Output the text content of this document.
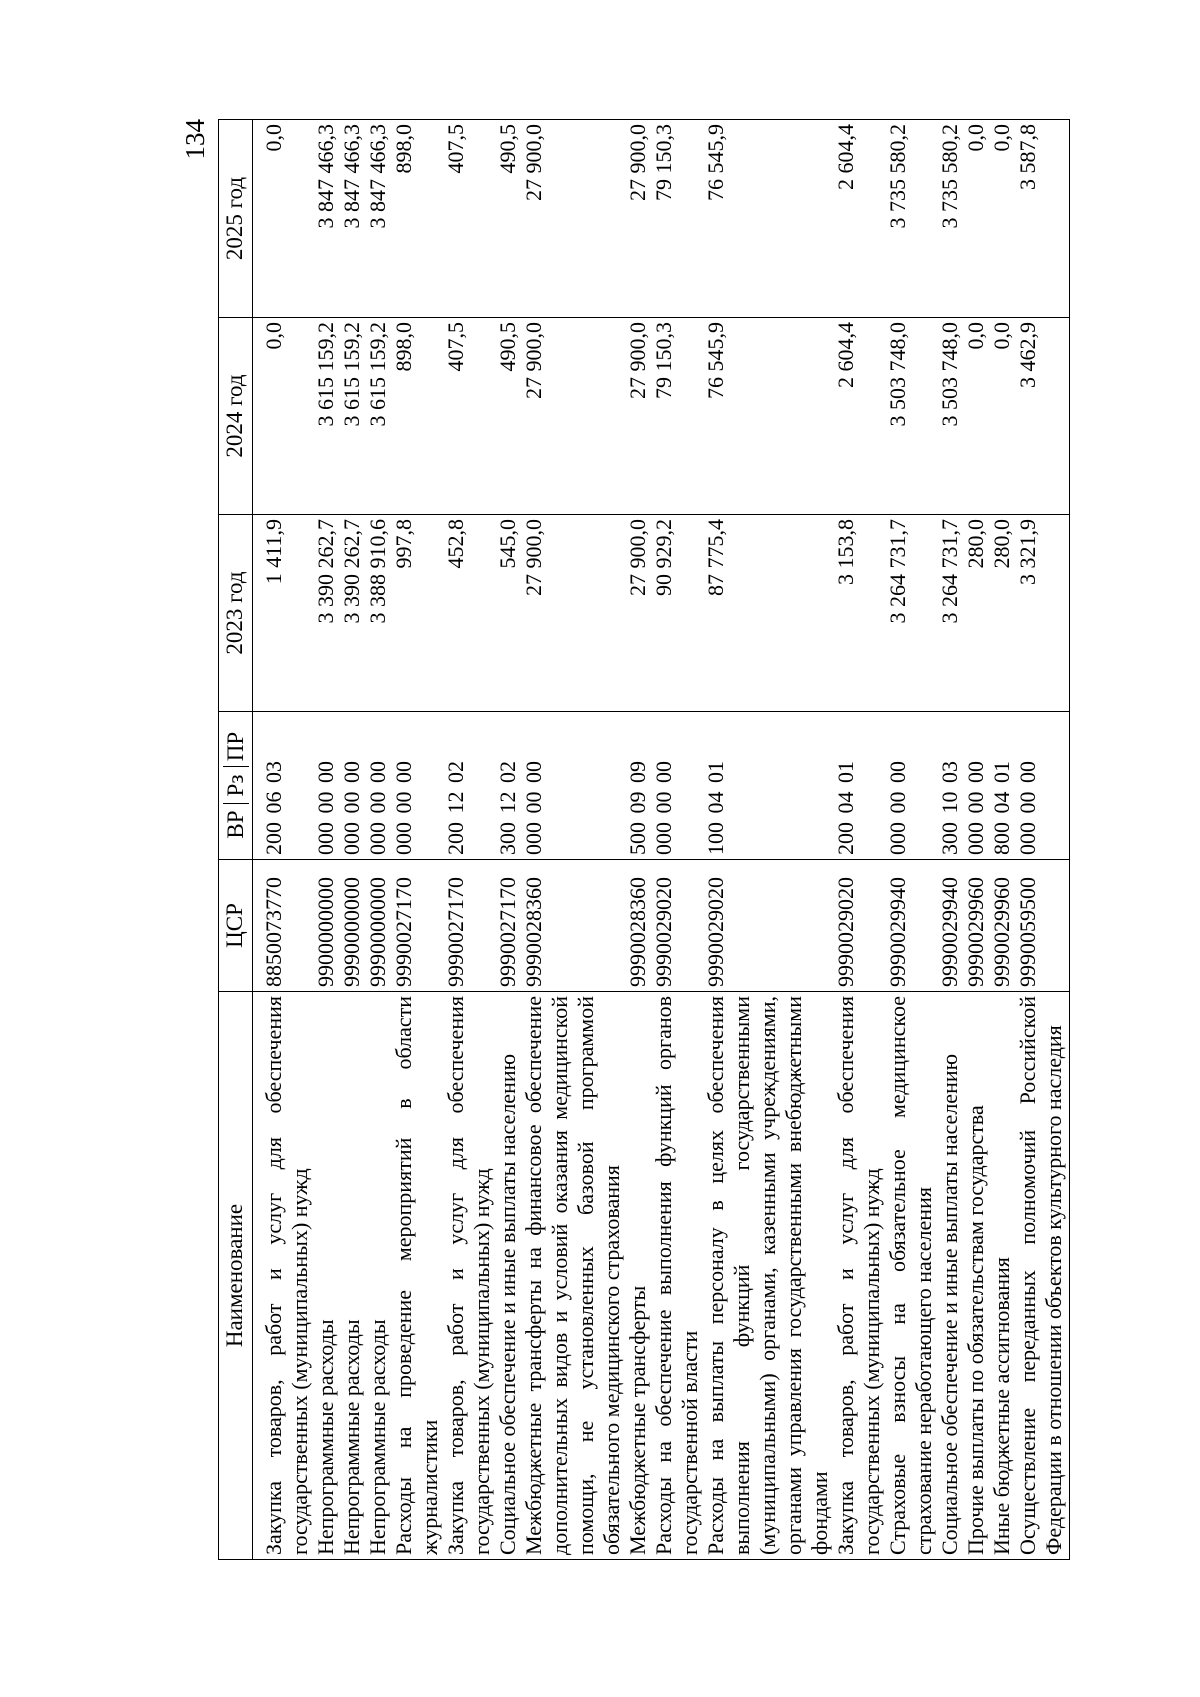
134
Наименование	ЦСР	ВРРзПР	2023 год	2024 год	2025 год
Закупка товаров, работ и услуг для обеспечения государственных (муниципальных) нужд	8850073770	200 06 03	1 411,9	0,0	0,0
Непрограммные расходы	9900000000	000 00 00	3 390 262,7	3 615 159,2	3 847 466,3
Непрограммные расходы	9990000000	000 00 00	3 390 262,7	3 615 159,2	3 847 466,3
Непрограммные расходы	9990000000	000 00 00	3 388 910,6	3 615 159,2	3 847 466,3
Расходы на проведение мероприятий в области журналистики	9990027170	000 00 00	997,8	898,0	898,0
Закупка товаров, работ и услуг для обеспечения государственных (муниципальных) нужд	9990027170	200 12 02	452,8	407,5	407,5
Социальное обеспечение и иные выплаты населению	9990027170	300 12 02	545,0	490,5	490,5
Межбюджетные трансферты на финансовое обеспечение дополнительных видов и условий оказания медицинской помощи, не установленных базовой программой обязательного медицинского страхования	9990028360	000 00 00	27 900,0	27 900,0	27 900,0
Межбюджетные трансферты	9990028360	500 09 09	27 900,0	27 900,0	27 900,0
Расходы на обеспечение выполнения функций органов государственной власти	9990029020	000 00 00	90 929,2	79 150,3	79 150,3
Расходы на выплаты персоналу в целях обеспечения выполнения функций государственными (муниципальными) органами, казенными учреждениями, органами управления государственными внебюджетными фондами	9990029020	100 04 01	87 775,4	76 545,9	76 545,9
Закупка товаров, работ и услуг для обеспечения государственных (муниципальных) нужд	9990029020	200 04 01	3 153,8	2 604,4	2 604,4
Страховые взносы на обязательное медицинское страхование неработающего населения	9990029940	000 00 00	3 264 731,7	3 503 748,0	3 735 580,2
Социальное обеспечение и иные выплаты населению	9990029940	300 10 03	3 264 731,7	3 503 748,0	3 735 580,2
Прочие выплаты по обязательствам государства	9990029960	000 00 00	280,0	0,0	0,0
Иные бюджетные ассигнования	9990029960	800 04 01	280,0	0,0	0,0
Осуществление переданных полномочий Российской Федерации в отношении объектов культурного наследия	9990059500	000 00 00	3 321,9	3 462,9	3 587,8
